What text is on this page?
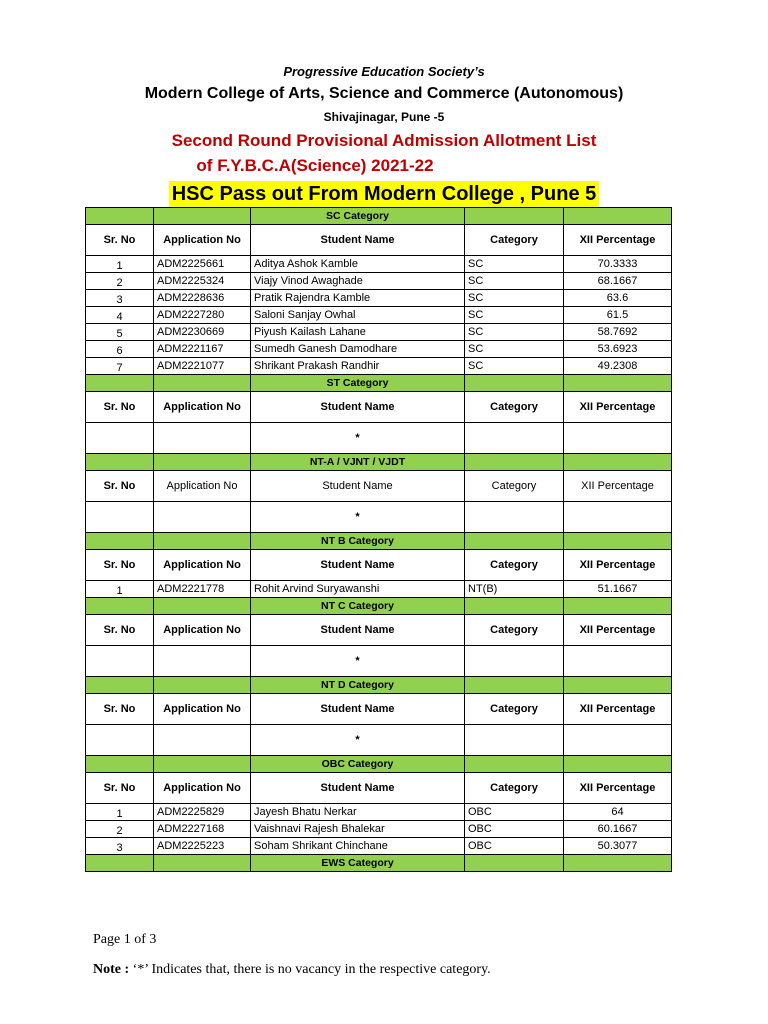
Progressive Education Society’s
Modern College of Arts, Science and Commerce (Autonomous)
Shivajinagar, Pune -5
Second Round Provisional Admission Allotment List
of F.Y.B.C.A(Science) 2021-22
HSC Pass out From Modern College , Pune 5
		SC Category		
Sr. No	Application No	Student Name	Category	XII Percentage
1	ADM2225661	Aditya Ashok Kamble	SC	70.3333
2	ADM2225324	Viajy Vinod Awaghade	SC	68.1667
3	ADM2228636	Pratik Rajendra Kamble	SC	63.6
4	ADM2227280	Saloni Sanjay Owhal	SC	61.5
5	ADM2230669	Piyush Kailash Lahane	SC	58.7692
6	ADM2221167	Sumedh Ganesh Damodhare	SC	53.6923
7	ADM2221077	Shrikant Prakash Randhir	SC	49.2308
		ST Category		
Sr. No	Application No	Student Name	Category	XII Percentage
		*		
		NT-A / VJNT / VJDT		
Sr. No	Application No	Student Name	Category	XII Percentage
		*		
		NT B Category		
Sr. No	Application No	Student Name	Category	XII Percentage
1	ADM2221778	Rohit Arvind Suryawanshi	NT(B)	51.1667
		NT C Category		
Sr. No	Application No	Student Name	Category	XII Percentage
		*		
		NT D Category		
Sr. No	Application No	Student Name	Category	XII Percentage
		*		
		OBC Category		
Sr. No	Application No	Student Name	Category	XII Percentage
1	ADM2225829	Jayesh Bhatu Nerkar	OBC	64
2	ADM2227168	Vaishnavi Rajesh Bhalekar	OBC	60.1667
3	ADM2225223	Soham Shrikant Chinchane	OBC	50.3077
		EWS Category		
Page 1 of 3
Note : ‘*’ Indicates that, there is no vacancy in the respective category.
